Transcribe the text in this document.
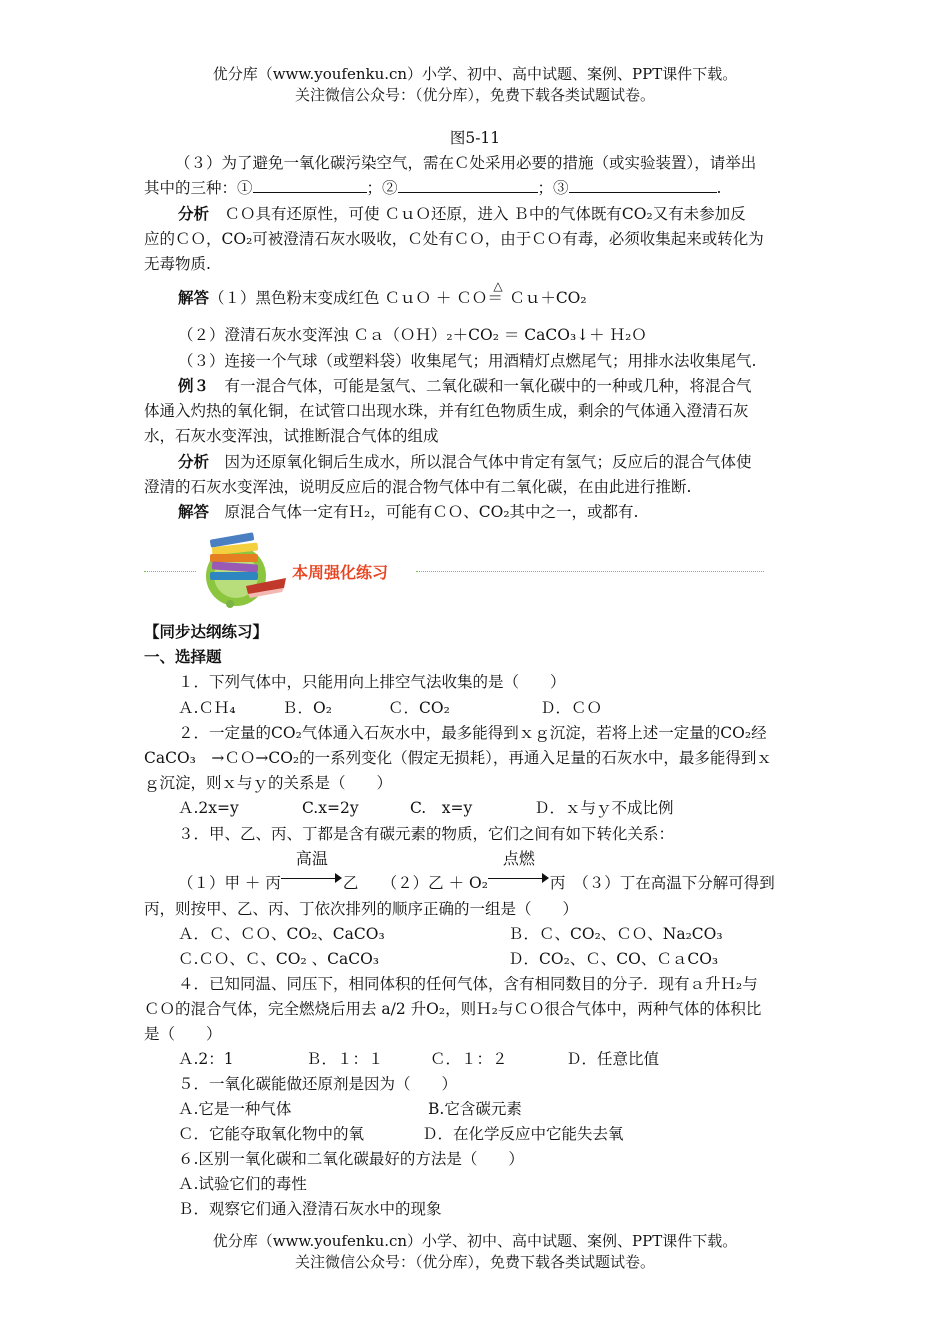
优分库（www.youfenku.cn）小学、初中、高中试题、案例、PPT课件下载。
关注微信公众号：（优分库），免费下载各类试题试卷。
图5-11
（３）为了避免一氧化碳污染空气，需在Ｃ处采用必要的措施（或实验装置），请举出
其中的三种：①	；②	；③	.
分析　 ＣＯ具有还原性，可使 ＣｕＯ还原，进入 Ｂ中的气体既有CO₂又有未参加反
应的ＣＯ，CO₂可被澄清石灰水吸收，Ｃ处有ＣＯ，由于ＣＯ有毒，必须收集起来或转化为
无毒物质.
解答（１）黑色粉末变成红色 ＣｕＯ ＋ ＣＯ
△
＝ Ｃｕ＋CO₂
（２）澄清石灰水变浑浊 Ｃａ（ＯＨ）₂＋CO₂ ＝ CaCO₃↓＋ Ｈ₂Ｏ
（３）连接一个气球（或塑料袋）收集尾气；用酒精灯点燃尾气；用排水法收集尾气.
例３　 有一混合气体，可能是氢气、二氧化碳和一氧化碳中的一种或几种，将混合气
体通入灼热的氧化铜，在试管口出现水珠，并有红色物质生成，剩余的气体通入澄清石灰
水，石灰水变浑浊，试推断混合气体的组成
分析　 因为还原氧化铜后生成水，所以混合气体中肯定有氢气；反应后的混合气体使
澄清的石灰水变浑浊，说明反应后的混合物气体中有二氧化碳，在由此进行推断.
解答　 原混合气体一定有Ｈ₂，可能有ＣＯ、CO₂其中之一，或都有.
本周强化练习
【同步达纲练习】
一、选择题
１．下列气体中，只能用向上排空气法收集的是（　　）
Ａ.ＣＨ₄	Ｂ．O₂	Ｃ．CO₂	Ｄ．ＣＯ
２．一定量的CO₂气体通入石灰水中，最多能得到ｘｇ沉淀，若将上述一定量的CO₂经
CaCO₃　→ＣＯ→CO₂的一系列变化（假定无损耗），再通入足量的石灰水中，最多能得到ｘ
ｇ沉淀，则ｘ与ｙ的关系是（　　）
Ａ.2x=y	C.x=2y	C.　x=y	Ｄ．ｘ与ｙ不成比例
３．甲、乙、丙、丁都是含有碳元素的物质，它们之间有如下转化关系：
（１）甲 ＋ 丙
高温
乙　　 （２）乙 ＋ O₂
点燃
丙　 （３）丁在高温下分解可得到
丙，则按甲、乙、丙、丁依次排列的顺序正确的一组是（　　）
Ａ．Ｃ、ＣＯ、CO₂、CaCO₃	Ｂ．Ｃ、CO₂、ＣＯ、Na₂CO₃
Ｃ.ＣＯ、Ｃ、CO₂ 、CaCO₃	Ｄ．CO₂、Ｃ、CO、ＣａCO₃
４．已知同温、同压下，相同体积的任何气体，含有相同数目的分子．现有ａ升Ｈ₂与
ＣＯ的混合气体，完全燃烧后用去 a/2 升O₂，则Ｈ₂与ＣＯ很合气体中，两种气体的体积比
是（　　）
Ａ.2：1	Ｂ．１：１	Ｃ．１：２	Ｄ．任意比值
５．一氧化碳能做还原剂是因为（　　）
Ａ.它是一种气体	B.它含碳元素
Ｃ．它能夺取氧化物中的氧	Ｄ．在化学反应中它能失去氧
６.区别一氧化碳和二氧化碳最好的方法是（　　）
Ａ.试验它们的毒性
Ｂ．观察它们通入澄清石灰水中的现象
优分库（www.youfenku.cn）小学、初中、高中试题、案例、PPT课件下载。
关注微信公众号：（优分库），免费下载各类试题试卷。
